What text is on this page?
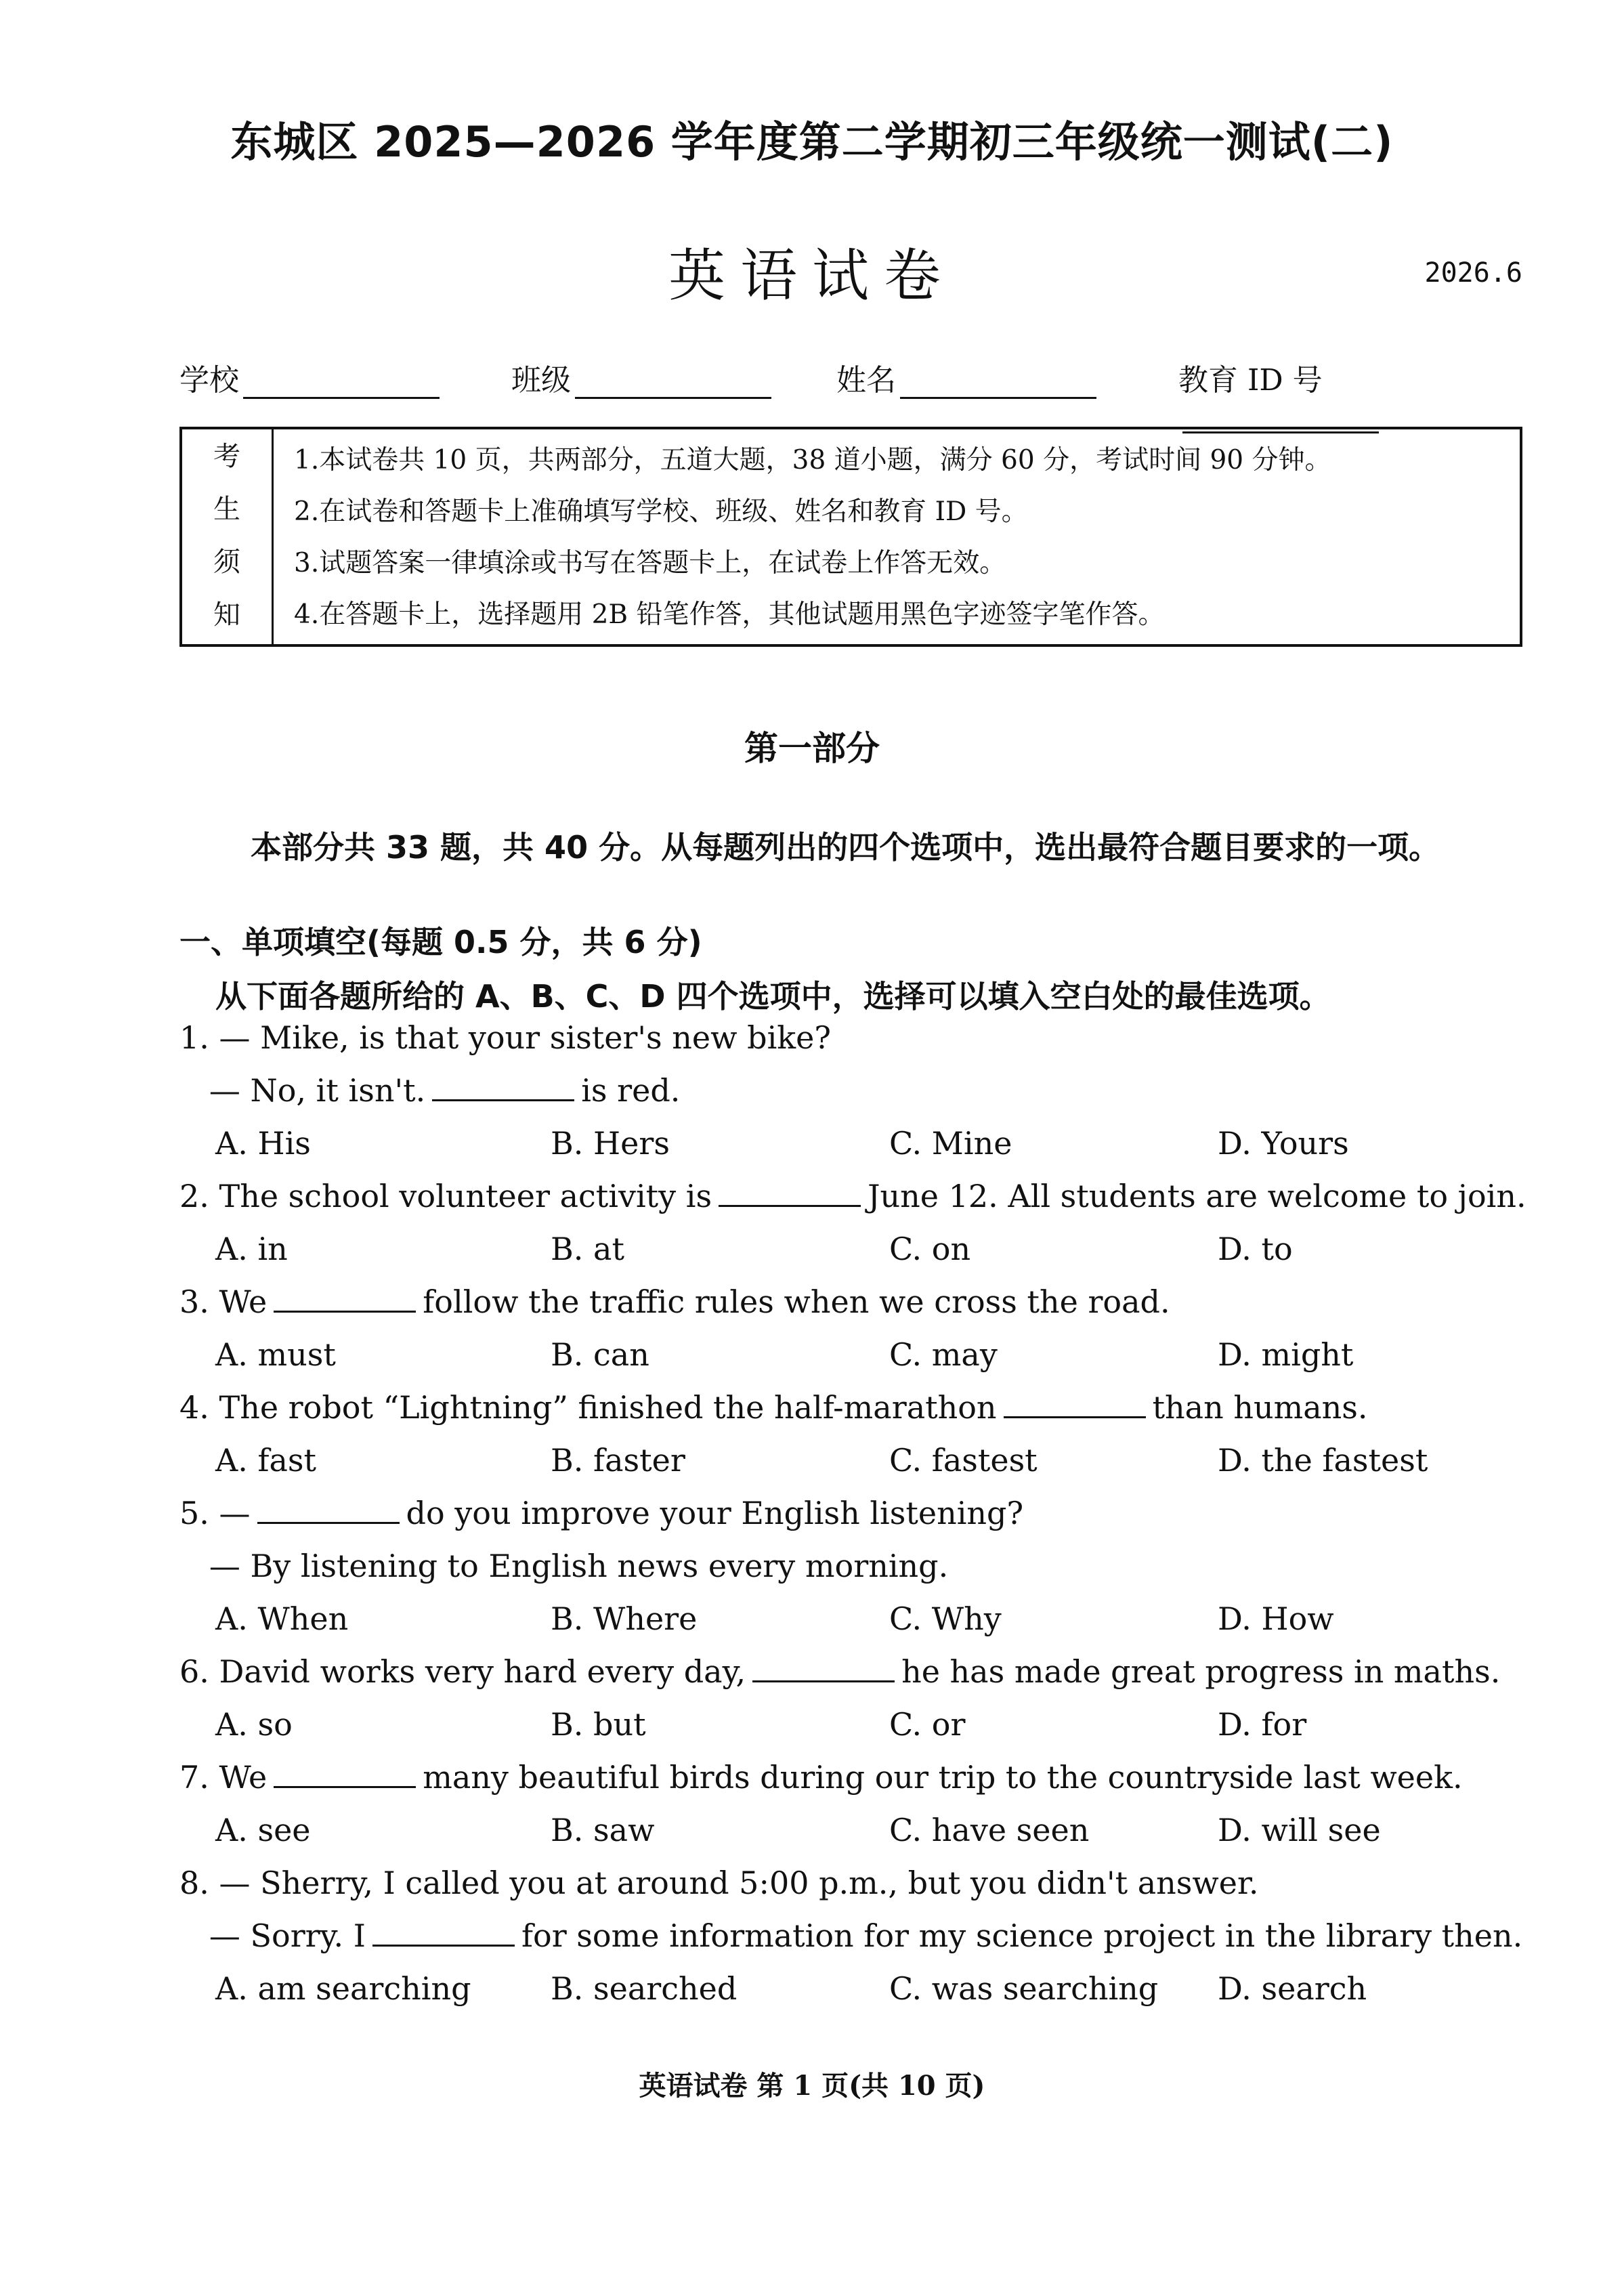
东城区 2025—2026 学年度第二学期初三年级统一测试(二)
英语试卷	2026.6
学校	班级	姓名	教育 ID 号
考
生
须
知
1.本试卷共 10 页，共两部分，五道大题，38 道小题，满分 60 分，考试时间 90 分钟。
2.在试卷和答题卡上准确填写学校、班级、姓名和教育 ID 号。
3.试题答案一律填涂或书写在答题卡上，在试卷上作答无效。
4.在答题卡上，选择题用 2B 铅笔作答，其他试题用黑色字迹签字笔作答。
第一部分
本部分共 33 题，共 40 分。从每题列出的四个选项中，选出最符合题目要求的一项。
一、单项填空(每题 0.5 分，共 6 分)
从下面各题所给的 A、B、C、D 四个选项中，选择可以填入空白处的最佳选项。
1. — Mike, is that your sister's new bike?
— No, it isn't.	is red.
A. His	B. Hers	C. Mine	D. Yours
2. The school volunteer activity is	June 12. All students are welcome to join.
A. in	B. at	C. on	D. to
3. We	follow the traffic rules when we cross the road.
A. must	B. can	C. may	D. might
4. The robot “Lightning” finished the half-marathon	than humans.
A. fast	B. faster	C. fastest	D. the fastest
5. —	do you improve your English listening?
— By listening to English news every morning.
A. When	B. Where	C. Why	D. How
6. David works very hard every day,	he has made great progress in maths.
A. so	B. but	C. or	D. for
7. We	many beautiful birds during our trip to the countryside last week.
A. see	B. saw	C. have seen	D. will see
8. — Sherry, I called you at around 5:00 p.m., but you didn't answer.
— Sorry. I	for some information for my science project in the library then.
A. am searching	B. searched	C. was searching D. search
英语试卷 第 1 页(共 10 页)
